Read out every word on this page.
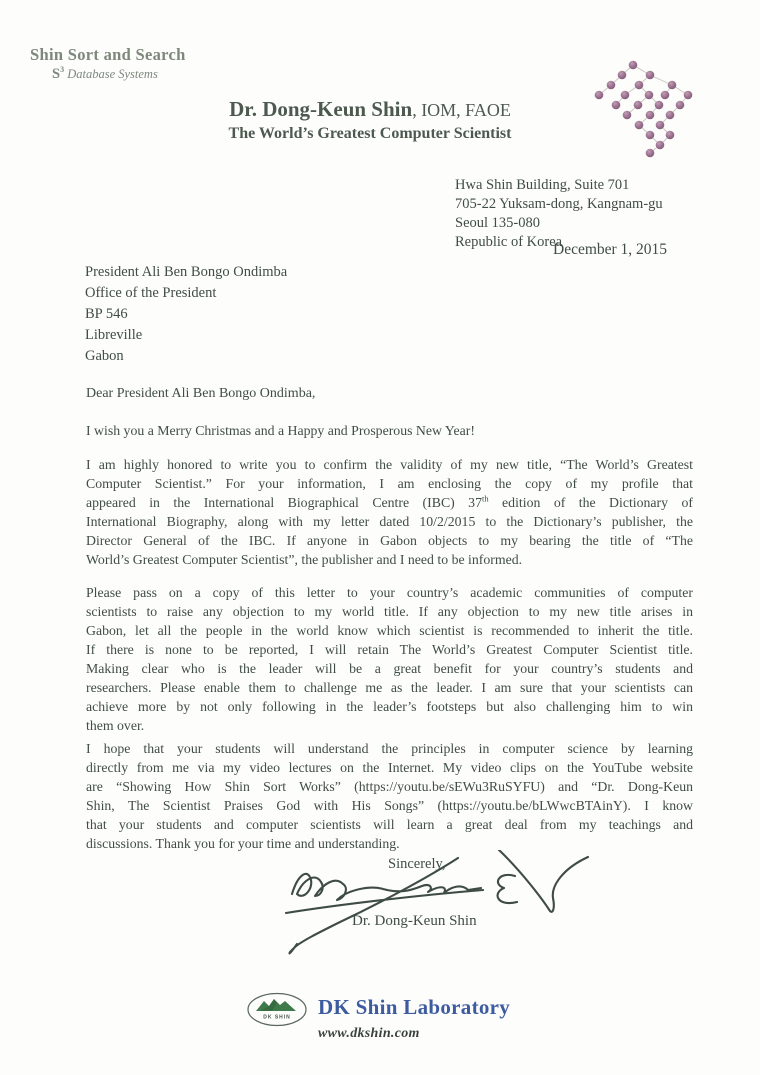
Shin Sort and Search
$S^3$ Database Systems
Dr. Dong-Keun Shin, IOM, FAOE
The World’s Greatest Computer Scientist
Hwa Shin Building, Suite 701
705-22 Yuksam-dong, Kangnam-gu
Seoul 135-080
Republic of Korea
December 1, 2015
President Ali Ben Bongo Ondimba
Office of the President
BP 546
Libreville
Gabon
Dear President Ali Ben Bongo Ondimba,
I wish you a Merry Christmas and a Happy and Prosperous New Year!
I am highly honored to write you to confirm the validity of my new title, “The World’s Greatest
Computer Scientist.” For your information, I am enclosing the copy of my profile that
appeared in the International Biographical Centre (IBC) 37th edition of the Dictionary of
International Biography, along with my letter dated 10/2/2015 to the Dictionary’s publisher, the
Director General of the IBC. If anyone in Gabon objects to my bearing the title of “The
World’s Greatest Computer Scientist”, the publisher and I need to be informed.
Please pass on a copy of this letter to your country’s academic communities of computer
scientists to raise any objection to my world title. If any objection to my new title arises in
Gabon, let all the people in the world know which scientist is recommended to inherit the title.
If there is none to be reported, I will retain The World’s Greatest Computer Scientist title.
Making clear who is the leader will be a great benefit for your country’s students and
researchers. Please enable them to challenge me as the leader. I am sure that your scientists can
achieve more by not only following in the leader’s footsteps but also challenging him to win
them over.
I hope that your students will understand the principles in computer science by learning
directly from me via my video lectures on the Internet. My video clips on the YouTube website
are “Showing How Shin Sort Works” (https://youtu.be/sEWu3RuSYFU) and “Dr. Dong-Keun
Shin, The Scientist Praises God with His Songs” (https://youtu.be/bLWwcBTAinY). I know
that your students and computer scientists will learn a great deal from my teachings and
discussions. Thank you for your time and understanding.
Sincerely,
Dr. Dong-Keun Shin
DK SHIN DK Shin Laboratory
www.dkshin.com
